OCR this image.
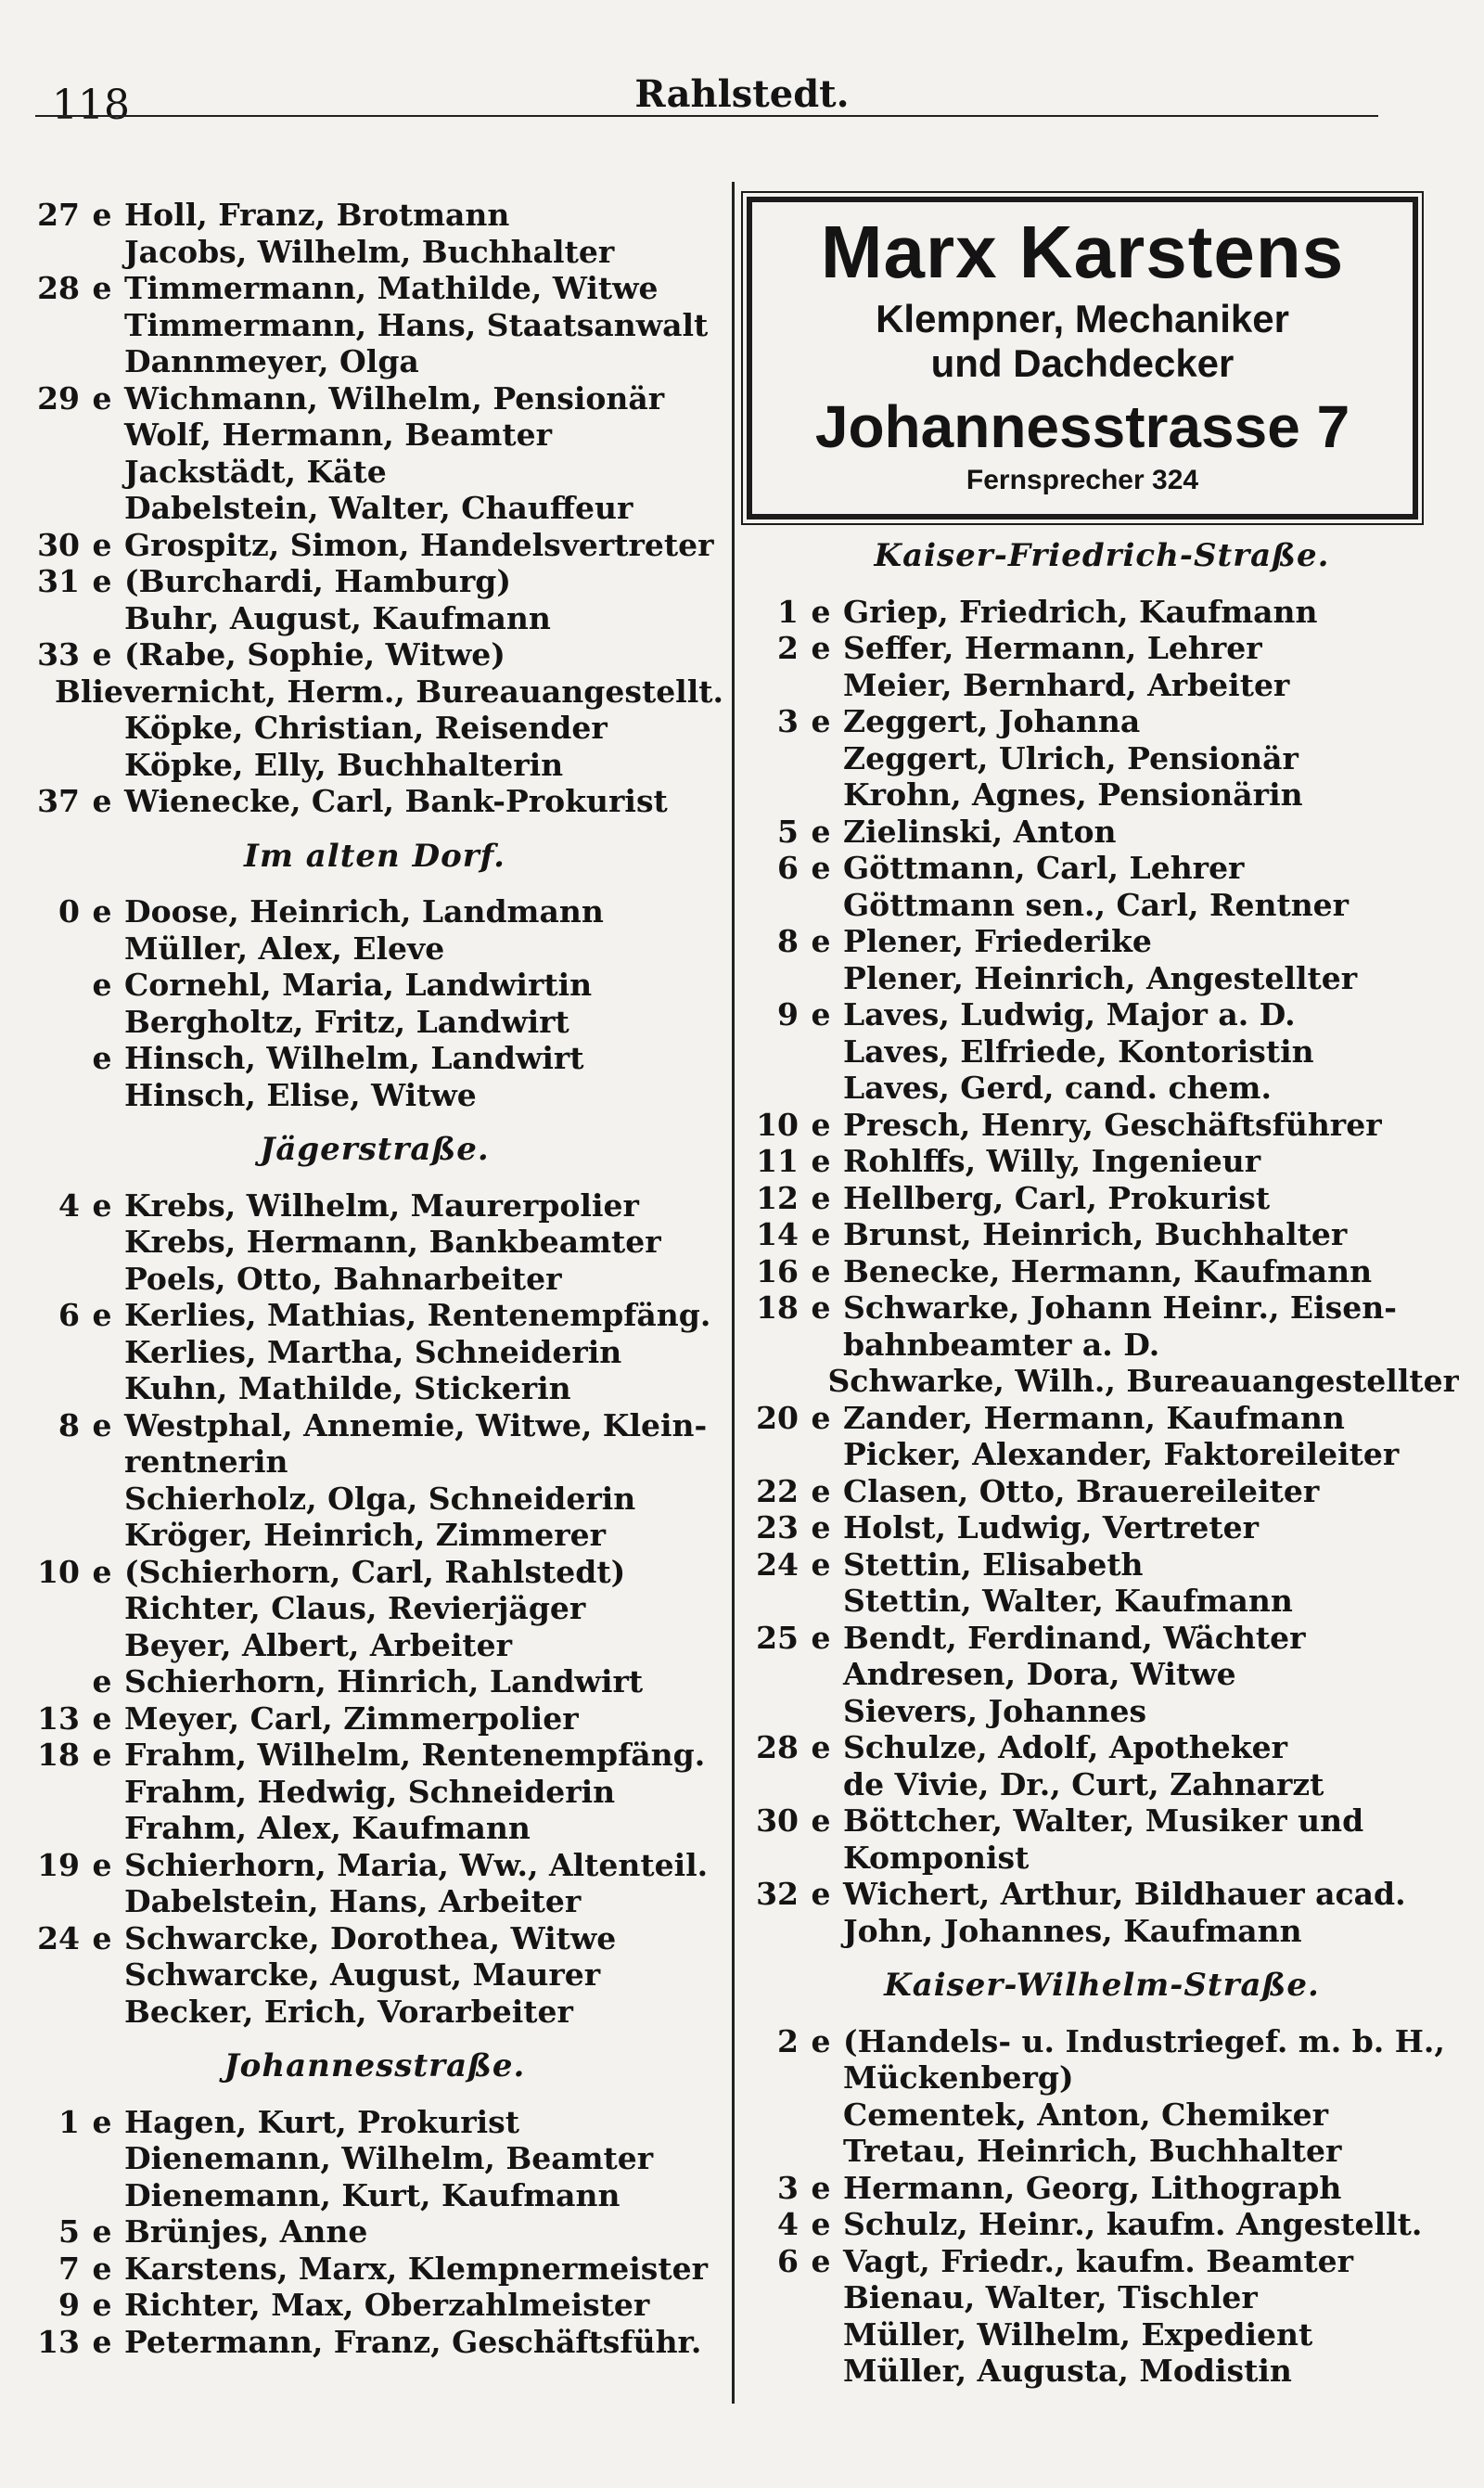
118	Rahlstedt.
27 e Holl, Franz, Brotmann
Jacobs, Wilhelm, Buchhalter
28 e Timmermann, Mathilde, Witwe
Timmermann, Hans, Staatsanwalt
Dannmeyer, Olga
29 e Wichmann, Wilhelm, Pensionär
Wolf, Hermann, Beamter
Jackstädt, Käte
Dabelstein, Walter, Chauffeur
30 e Grospitz, Simon, Handelsvertreter
31 e (Burchardi, Hamburg)
Buhr, August, Kaufmann
33 e (Rabe, Sophie, Witwe)
Blievernicht, Herm., Bureauangestellt.
Köpke, Christian, Reisender
Köpke, Elly, Buchhalterin
37 e Wienecke, Carl, Bank-Prokurist
Im alten Dorf.
0 e Doose, Heinrich, Landmann
Müller, Alex, Eleve
e Cornehl, Maria, Landwirtin
Bergholtz, Fritz, Landwirt
e Hinsch, Wilhelm, Landwirt
Hinsch, Elise, Witwe
Jägerstraße.
4 e Krebs, Wilhelm, Maurerpolier
Krebs, Hermann, Bankbeamter
Poels, Otto, Bahnarbeiter
6 e Kerlies, Mathias, Rentenempfäng.
Kerlies, Martha, Schneiderin
Kuhn, Mathilde, Stickerin
8 e Westphal, Annemie, Witwe, Klein-
rentnerin
Schierholz, Olga, Schneiderin
Kröger, Heinrich, Zimmerer
10 e (Schierhorn, Carl, Rahlstedt)
Richter, Claus, Revierjäger
Beyer, Albert, Arbeiter
e Schierhorn, Hinrich, Landwirt
13 e Meyer, Carl, Zimmerpolier
18 e Frahm, Wilhelm, Rentenempfäng.
Frahm, Hedwig, Schneiderin
Frahm, Alex, Kaufmann
19 e Schierhorn, Maria, Ww., Altenteil.
Dabelstein, Hans, Arbeiter
24 e Schwarcke, Dorothea, Witwe
Schwarcke, August, Maurer
Becker, Erich, Vorarbeiter
Johannesstraße.
1 e Hagen, Kurt, Prokurist
Dienemann, Wilhelm, Beamter
Dienemann, Kurt, Kaufmann
5 e Brünjes, Anne
7 e Karstens, Marx, Klempnermeister
9 e Richter, Max, Oberzahlmeister
13 e Petermann, Franz, Geschäftsführ.
Marx Karstens
Klempner, Mechaniker
und Dachdecker
Johannesstrasse 7
Fernsprecher 324
Kaiser-Friedrich-Straße.
1 e Griep, Friedrich, Kaufmann
2 e Seffer, Hermann, Lehrer
Meier, Bernhard, Arbeiter
3 e Zeggert, Johanna
Zeggert, Ulrich, Pensionär
Krohn, Agnes, Pensionärin
5 e Zielinski, Anton
6 e Göttmann, Carl, Lehrer
Göttmann sen., Carl, Rentner
8 e Plener, Friederike
Plener, Heinrich, Angestellter
9 e Laves, Ludwig, Major a. D.
Laves, Elfriede, Kontoristin
Laves, Gerd, cand. chem.
10 e Presch, Henry, Geschäftsführer
11 e Rohlffs, Willy, Ingenieur
12 e Hellberg, Carl, Prokurist
14 e Brunst, Heinrich, Buchhalter
16 e Benecke, Hermann, Kaufmann
18 e Schwarke, Johann Heinr., Eisen-
bahnbeamter a. D.
Schwarke, Wilh., Bureauangestellter
20 e Zander, Hermann, Kaufmann
Picker, Alexander, Faktoreileiter
22 e Clasen, Otto, Brauereileiter
23 e Holst, Ludwig, Vertreter
24 e Stettin, Elisabeth
Stettin, Walter, Kaufmann
25 e Bendt, Ferdinand, Wächter
Andresen, Dora, Witwe
Sievers, Johannes
28 e Schulze, Adolf, Apotheker
de Vivie, Dr., Curt, Zahnarzt
30 e Böttcher, Walter, Musiker und
Komponist
32 e Wichert, Arthur, Bildhauer acad.
John, Johannes, Kaufmann
Kaiser-Wilhelm-Straße.
2 e (Handels- u. Industriegef. m. b. H.,
Mückenberg)
Cementek, Anton, Chemiker
Tretau, Heinrich, Buchhalter
3 e Hermann, Georg, Lithograph
4 e Schulz, Heinr., kaufm. Angestellt.
6 e Vagt, Friedr., kaufm. Beamter
Bienau, Walter, Tischler
Müller, Wilhelm, Expedient
Müller, Augusta, Modistin
